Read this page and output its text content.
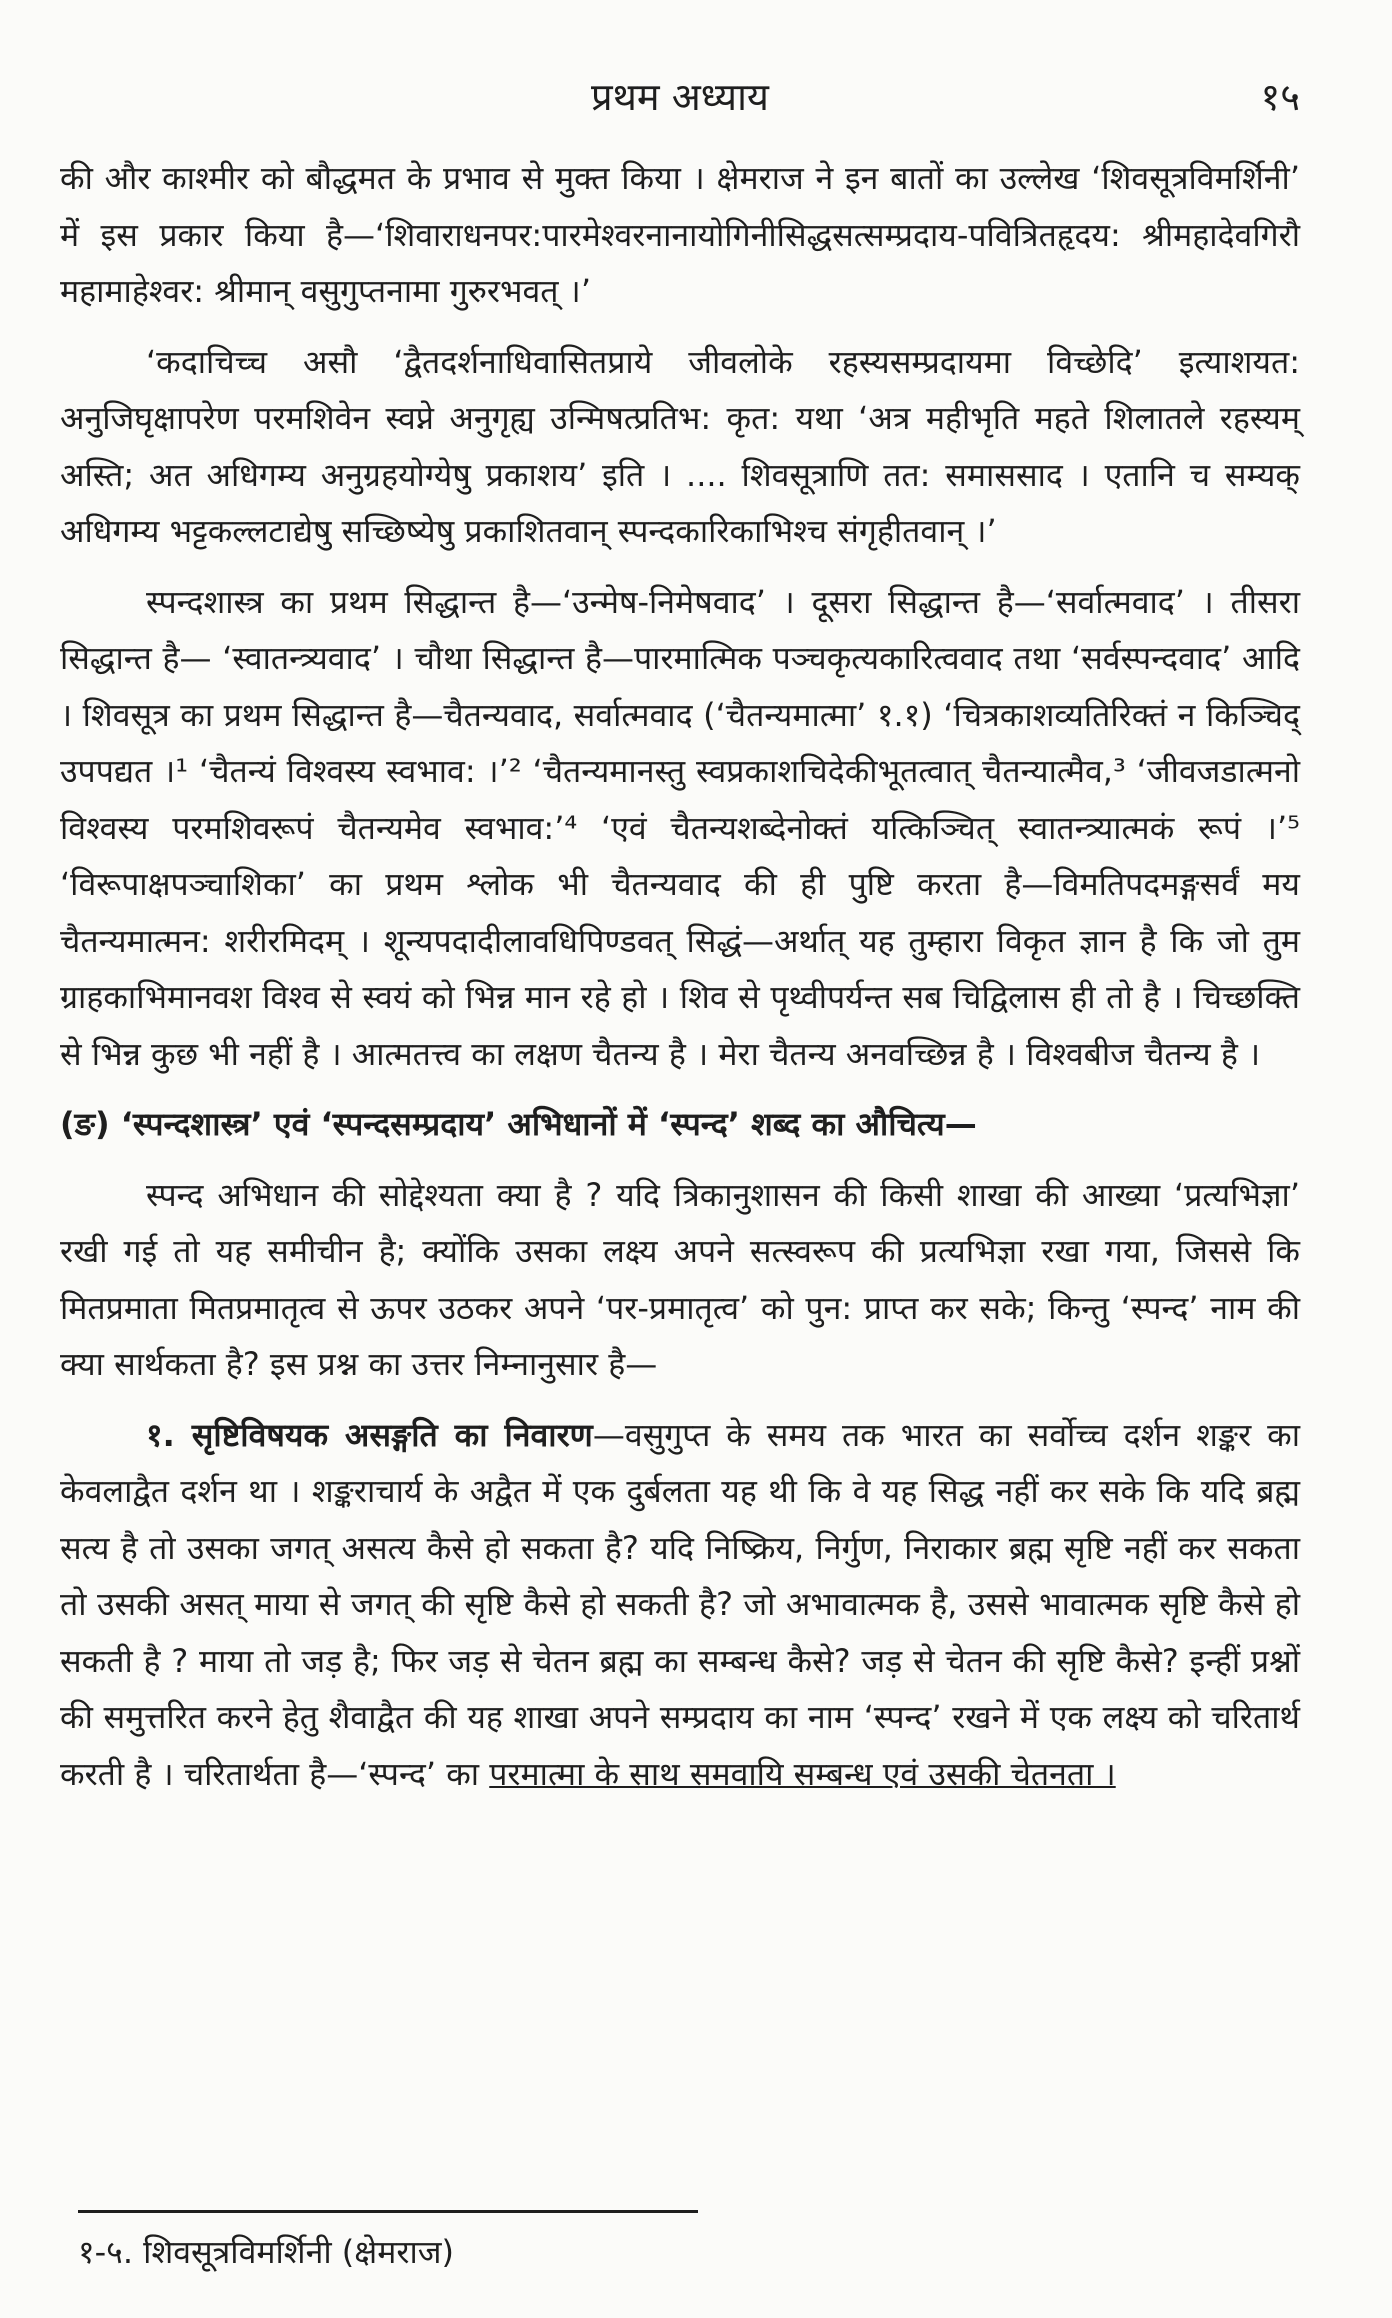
प्रथम अध्याय	१५

की और काश्मीर को बौद्धमत के प्रभाव से मुक्त किया । क्षेमराज ने इन बातों का उल्लेख ‘शिवसूत्रविमर्शिनी’ में इस प्रकार किया है—‘शिवाराधनपर:पारमेश्वरनानायोगिनीसिद्धसत्सम्प्रदाय-पवित्रितहृदय: श्रीमहादेवगिरौ महामाहेश्वर: श्रीमान् वसुगुप्तनामा गुरुरभवत् ।’

‘कदाचिच्च असौ ‘द्वैतदर्शनाधिवासितप्राये जीवलोके रहस्यसम्प्रदायमा विच्छेदि’ इत्याशयत: अनुजिघृक्षापरेण परमशिवेन स्वप्ने अनुगृह्य उन्मिषत्प्रतिभ: कृत: यथा ‘अत्र महीभृति महते शिलातले रहस्यम् अस्ति; अत अधिगम्य अनुग्रहयोग्येषु प्रकाशय’ इति । .... शिवसूत्राणि तत: समाससाद । एतानि च सम्यक् अधिगम्य भट्टकल्लटाद्येषु सच्छिष्येषु प्रकाशितवान् स्पन्दकारिकाभिश्च संगृहीतवान् ।’

स्पन्दशास्त्र का प्रथम सिद्धान्त है—‘उन्मेष-निमेषवाद’ । दूसरा सिद्धान्त है—‘सर्वात्मवाद’ । तीसरा सिद्धान्त है— ‘स्वातन्त्र्यवाद’ । चौथा सिद्धान्त है—पारमात्मिक पञ्चकृत्यकारित्ववाद तथा ‘सर्वस्पन्दवाद’ आदि । शिवसूत्र का प्रथम सिद्धान्त है—चैतन्यवाद, सर्वात्मवाद (‘चैतन्यमात्मा’ १.१) ‘चित्रकाशव्यतिरिक्तं न किञ्चिद् उपपद्यत ।¹ ‘चैतन्यं विश्वस्य स्वभाव: ।’² ‘चैतन्यमानस्तु स्वप्रकाशचिदेकीभूतत्वात् चैतन्यात्मैव,³ ‘जीवजडात्मनो विश्वस्य परमशिवरूपं चैतन्यमेव स्वभाव:’⁴ ‘एवं चैतन्यशब्देनोक्तं यत्किञ्चित् स्वातन्त्र्यात्मकं रूपं ।’⁵ ‘विरूपाक्षपञ्चाशिका’ का प्रथम श्लोक भी चैतन्यवाद की ही पुष्टि करता है—विमतिपदमङ्गसर्वं मय चैतन्यमात्मन: शरीरमिदम् । शून्यपदादीलावधिपिण्डवत् सिद्धं—अर्थात् यह तुम्हारा विकृत ज्ञान है कि जो तुम ग्राहकाभिमानवश विश्व से स्वयं को भिन्न मान रहे हो । शिव से पृथ्वीपर्यन्त सब चिद्विलास ही तो है । चिच्छक्ति से भिन्न कुछ भी नहीं है । आत्मतत्त्व का लक्षण चैतन्य है । मेरा चैतन्य अनवच्छिन्न है । विश्वबीज चैतन्य है ।

(ङ) ‘स्पन्दशास्त्र’ एवं ‘स्पन्दसम्प्रदाय’ अभिधानों में ‘स्पन्द’ शब्द का औचित्य—

स्पन्द अभिधान की सोद्देश्यता क्या है ? यदि त्रिकानुशासन की किसी शाखा की आख्या ‘प्रत्यभिज्ञा’ रखी गई तो यह समीचीन है; क्योंकि उसका लक्ष्य अपने सत्स्वरूप की प्रत्यभिज्ञा रखा गया, जिससे कि मितप्रमाता मितप्रमातृत्व से ऊपर उठकर अपने ‘पर-प्रमातृत्व’ को पुन: प्राप्त कर सके; किन्तु ‘स्पन्द’ नाम की क्या सार्थकता है? इस प्रश्न का उत्तर निम्नानुसार है—

१. सृष्टिविषयक असङ्गति का निवारण—वसुगुप्त के समय तक भारत का सर्वोच्च दर्शन शङ्कर का केवलाद्वैत दर्शन था । शङ्कराचार्य के अद्वैत में एक दुर्बलता यह थी कि वे यह सिद्ध नहीं कर सके कि यदि ब्रह्म सत्य है तो उसका जगत् असत्य कैसे हो सकता है? यदि निष्क्रिय, निर्गुण, निराकार ब्रह्म सृष्टि नहीं कर सकता तो उसकी असत् माया से जगत् की सृष्टि कैसे हो सकती है? जो अभावात्मक है, उससे भावात्मक सृष्टि कैसे हो सकती है ? माया तो जड़ है; फिर जड़ से चेतन ब्रह्म का सम्बन्ध कैसे? जड़ से चेतन की सृष्टि कैसे? इन्हीं प्रश्नों की समुत्तरित करने हेतु शैवाद्वैत की यह शाखा अपने सम्प्रदाय का नाम ‘स्पन्द’ रखने में एक लक्ष्य को चरितार्थ करती है । चरितार्थता है—‘स्पन्द’ का परमात्मा के साथ समवायि सम्बन्ध एवं उसकी चेतनता ।

१-५. शिवसूत्रविमर्शिनी (क्षेमराज)
